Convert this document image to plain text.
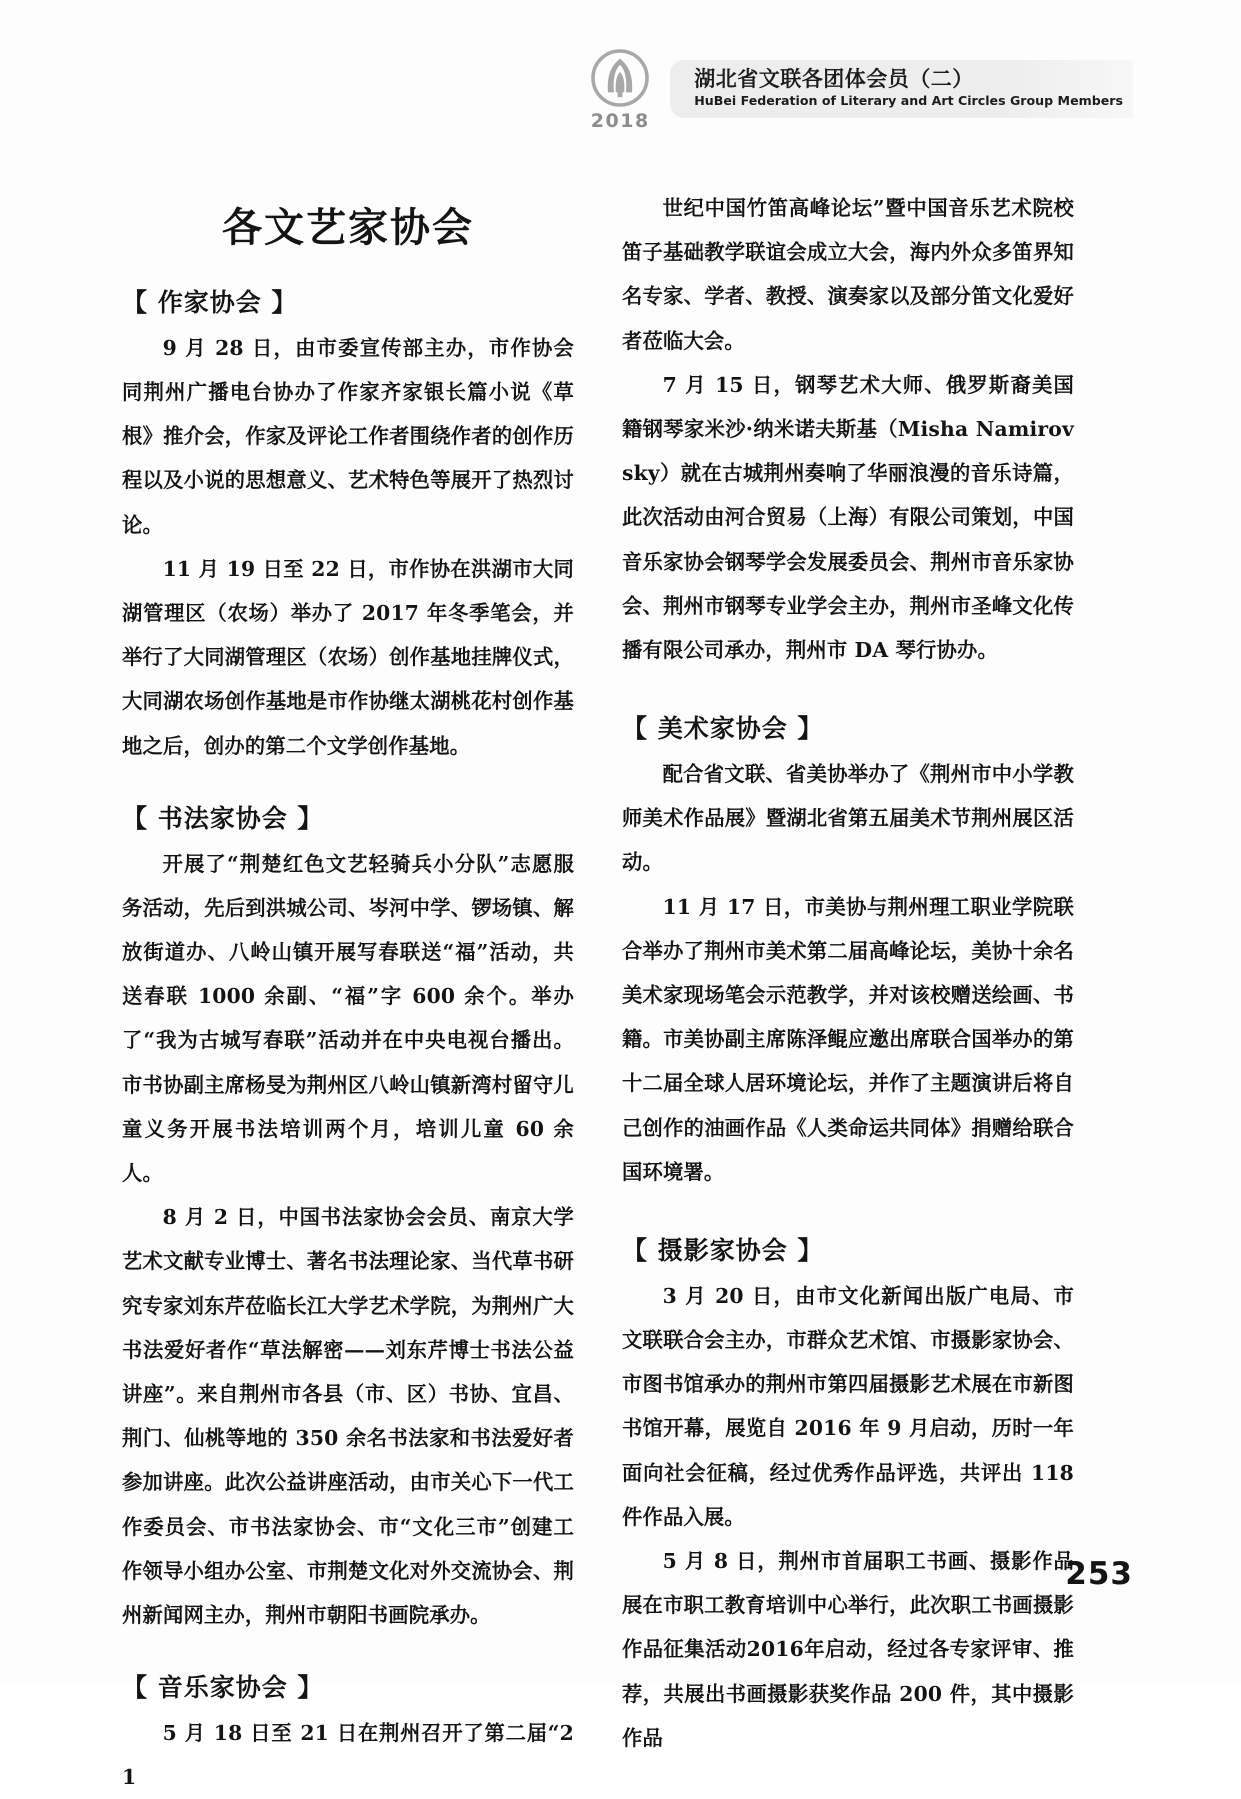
2018
湖北省文联各团体会员（二）
HuBei Federation of Literary and Art Circles Group Members
各文艺家协会
【 作家协会 】

9 月 28 日，由市委宣传部主办，市作协会同荆州广播电台协办了作家齐家银长篇小说《草根》推介会，作家及评论工作者围绕作者的创作历程以及小说的思想意义、艺术特色等展开了热烈讨论。

11 月 19 日至 22 日，市作协在洪湖市大同湖管理区（农场）举办了 2017 年冬季笔会，并举行了大同湖管理区（农场）创作基地挂牌仪式，大同湖农场创作基地是市作协继太湖桃花村创作基地之后，创办的第二个文学创作基地。

【 书法家协会 】

开展了“荆楚红色文艺轻骑兵小分队”志愿服务活动，先后到洪城公司、岑河中学、锣场镇、解放街道办、八岭山镇开展写春联送“福”活动，共送春联 1000 余副、“福”字 600 余个。举办了“我为古城写春联”活动并在中央电视台播出。市书协副主席杨旻为荆州区八岭山镇新湾村留守儿童义务开展书法培训两个月，培训儿童 60 余人。

8 月 2 日，中国书法家协会会员、南京大学艺术文献专业博士、著名书法理论家、当代草书研究专家刘东芹莅临长江大学艺术学院，为荆州广大书法爱好者作“草法解密——刘东芹博士书法公益讲座”。来自荆州市各县（市、区）书协、宜昌、荆门、仙桃等地的 350 余名书法家和书法爱好者参加讲座。此次公益讲座活动，由市关心下一代工作委员会、市书法家协会、市“文化三市”创建工作领导小组办公室、市荆楚文化对外交流协会、荆州新闻网主办，荆州市朝阳书画院承办。

【 音乐家协会 】

5 月 18 日至 21 日在荆州召开了第二届“21

世纪中国竹笛高峰论坛”暨中国音乐艺术院校笛子基础教学联谊会成立大会，海内外众多笛界知名专家、学者、教授、演奏家以及部分笛文化爱好者莅临大会。

7 月 15 日，钢琴艺术大师、俄罗斯裔美国籍钢琴家米沙·纳米诺夫斯基（Misha Namirovsky）就在古城荆州奏响了华丽浪漫的音乐诗篇，此次活动由河合贸易（上海）有限公司策划，中国音乐家协会钢琴学会发展委员会、荆州市音乐家协会、荆州市钢琴专业学会主办，荆州市圣峰文化传播有限公司承办，荆州市 DA 琴行协办。

【 美术家协会 】

配合省文联、省美协举办了《荆州市中小学教师美术作品展》暨湖北省第五届美术节荆州展区活动。

11 月 17 日，市美协与荆州理工职业学院联合举办了荆州市美术第二届高峰论坛，美协十余名美术家现场笔会示范教学，并对该校赠送绘画、书籍。市美协副主席陈泽鲲应邀出席联合国举办的第十二届全球人居环境论坛，并作了主题演讲后将自己创作的油画作品《人类命运共同体》捐赠给联合国环境署。

【 摄影家协会 】

3 月 20 日，由市文化新闻出版广电局、市文联联合会主办，市群众艺术馆、市摄影家协会、市图书馆承办的荆州市第四届摄影艺术展在市新图书馆开幕，展览自 2016 年 9 月启动，历时一年面向社会征稿，经过优秀作品评选，共评出 118 件作品入展。

5 月 8 日，荆州市首届职工书画、摄影作品展在市职工教育培训中心举行，此次职工书画摄影作品征集活动2016年启动，经过各专家评审、推荐，共展出书画摄影获奖作品 200 件，其中摄影作品

253
